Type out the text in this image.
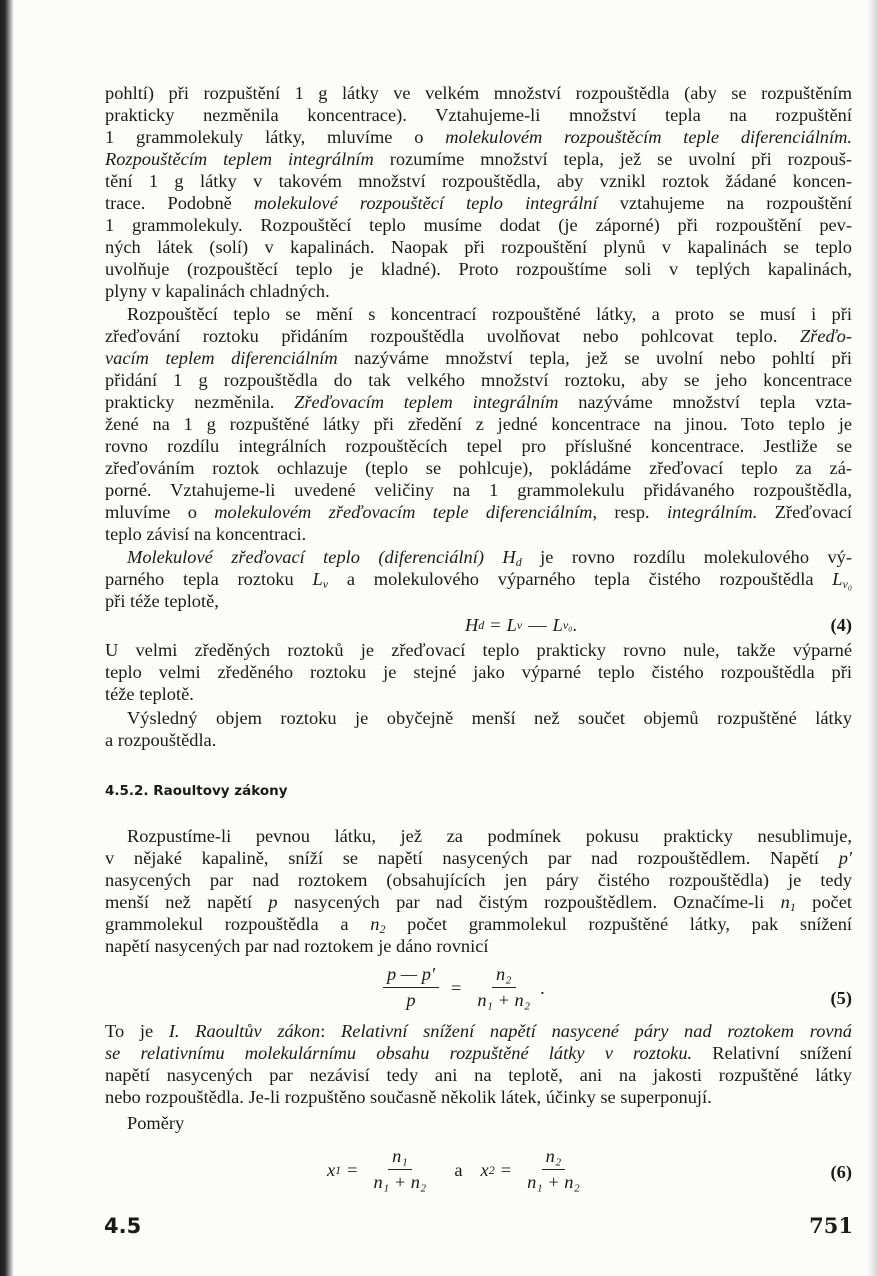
pohltí) při rozpuštění 1 g látky ve velkém množství rozpouštědla (aby se rozpuštěním
prakticky nezměnila koncentrace). Vztahujeme-li množství tepla na rozpuštění
1 grammolekuly látky, mluvíme o molekulovém rozpouštěcím teple diferenciálním.
Rozpouštěcím teplem integrálním rozumíme množství tepla, jež se uvolní při rozpouš-
tění 1 g látky v takovém množství rozpouštědla, aby vznikl roztok žádané koncen-
trace. Podobně molekulové rozpouštěcí teplo integrální vztahujeme na rozpouštění
1 grammolekuly. Rozpouštěcí teplo musíme dodat (je záporné) při rozpouštění pev-
ných látek (solí) v kapalinách. Naopak při rozpouštění plynů v kapalinách se teplo
uvolňuje (rozpouštěcí teplo je kladné). Proto rozpouštíme soli v teplých kapalinách,
plyny v kapalinách chladných.
Rozpouštěcí teplo se mění s koncentrací rozpouštěné látky, a proto se musí i při
zřeďování roztoku přidáním rozpouštědla uvolňovat nebo pohlcovat teplo. Zřeďo-
vacím teplem diferenciálním nazýváme množství tepla, jež se uvolní nebo pohltí při
přidání 1 g rozpouštědla do tak velkého množství roztoku, aby se jeho koncentrace
prakticky nezměnila. Zřeďovacím teplem integrálním nazýváme množství tepla vzta-
žené na 1 g rozpuštěné látky při zředění z jedné koncentrace na jinou. Toto teplo je
rovno rozdílu integrálních rozpouštěcích tepel pro příslušné koncentrace. Jestliže se
zřeďováním roztok ochlazuje (teplo se pohlcuje), pokládáme zřeďovací teplo za zá-
porné. Vztahujeme-li uvedené veličiny na 1 grammolekulu přidávaného rozpouštědla,
mluvíme o molekulovém zřeďovacím teple diferenciálním, resp. integrálním. Zřeďovací
teplo závisí na koncentraci.
Molekulové zřeďovací teplo (diferenciální) $H_d$ je rovno rozdílu molekulového vý-
parného tepla roztoku $L_v$ a molekulového výparného tepla čistého rozpouštědla $L_{v_0}$
při téže teplotě,
H d = L v — L v₀ .	(4)
U velmi zředěných roztoků je zřeďovací teplo prakticky rovno nule, takže výparné
teplo velmi zředěného roztoku je stejné jako výparné teplo čistého rozpouštědla při
téže teplotě.
Výsledný objem roztoku je obyčejně menší než součet objemů rozpuštěné látky
a rozpouštědla.
4.5.2. Raoultovy zákony
Rozpustíme-li pevnou látku, jež za podmínek pokusu prakticky nesublimuje,
v nějaké kapalině, sníží se napětí nasycených par nad rozpouštědlem. Napětí p′
nasycených par nad roztokem (obsahujících jen páry čistého rozpouštědla) je tedy
menší než napětí p nasycených par nad čistým rozpouštědlem. Označíme-li $n_1$ počet
grammolekul rozpouštědla a $n_2$ počet grammolekul rozpuštěné látky, pak snížení
napětí nasycených par nad roztokem je dáno rovnicí
$\frac{p — p'}{p} = \frac{\text{n₂}}{\text{n₁ + n₂}}$ .
(5)
To je I. Raoultův zákon: Relativní snížení napětí nasycené páry nad roztokem rovná
se relativnímu molekulárnímu obsahu rozpuštěné látky v roztoku. Relativní snížení
napětí nasycených par nezávisí tedy ani na teplotě, ani na jakosti rozpuštěné látky
nebo rozpouštědla. Je-li rozpuštěno současně několik látek, účinky se superponují.
Poměry
x $1 = \frac{\text{n₁}}{\text{n₁ + n₂}}$ a x $2 = \frac{\text{n₂}}{\text{n₁ + n₂}}$	(6)
4.5	751
